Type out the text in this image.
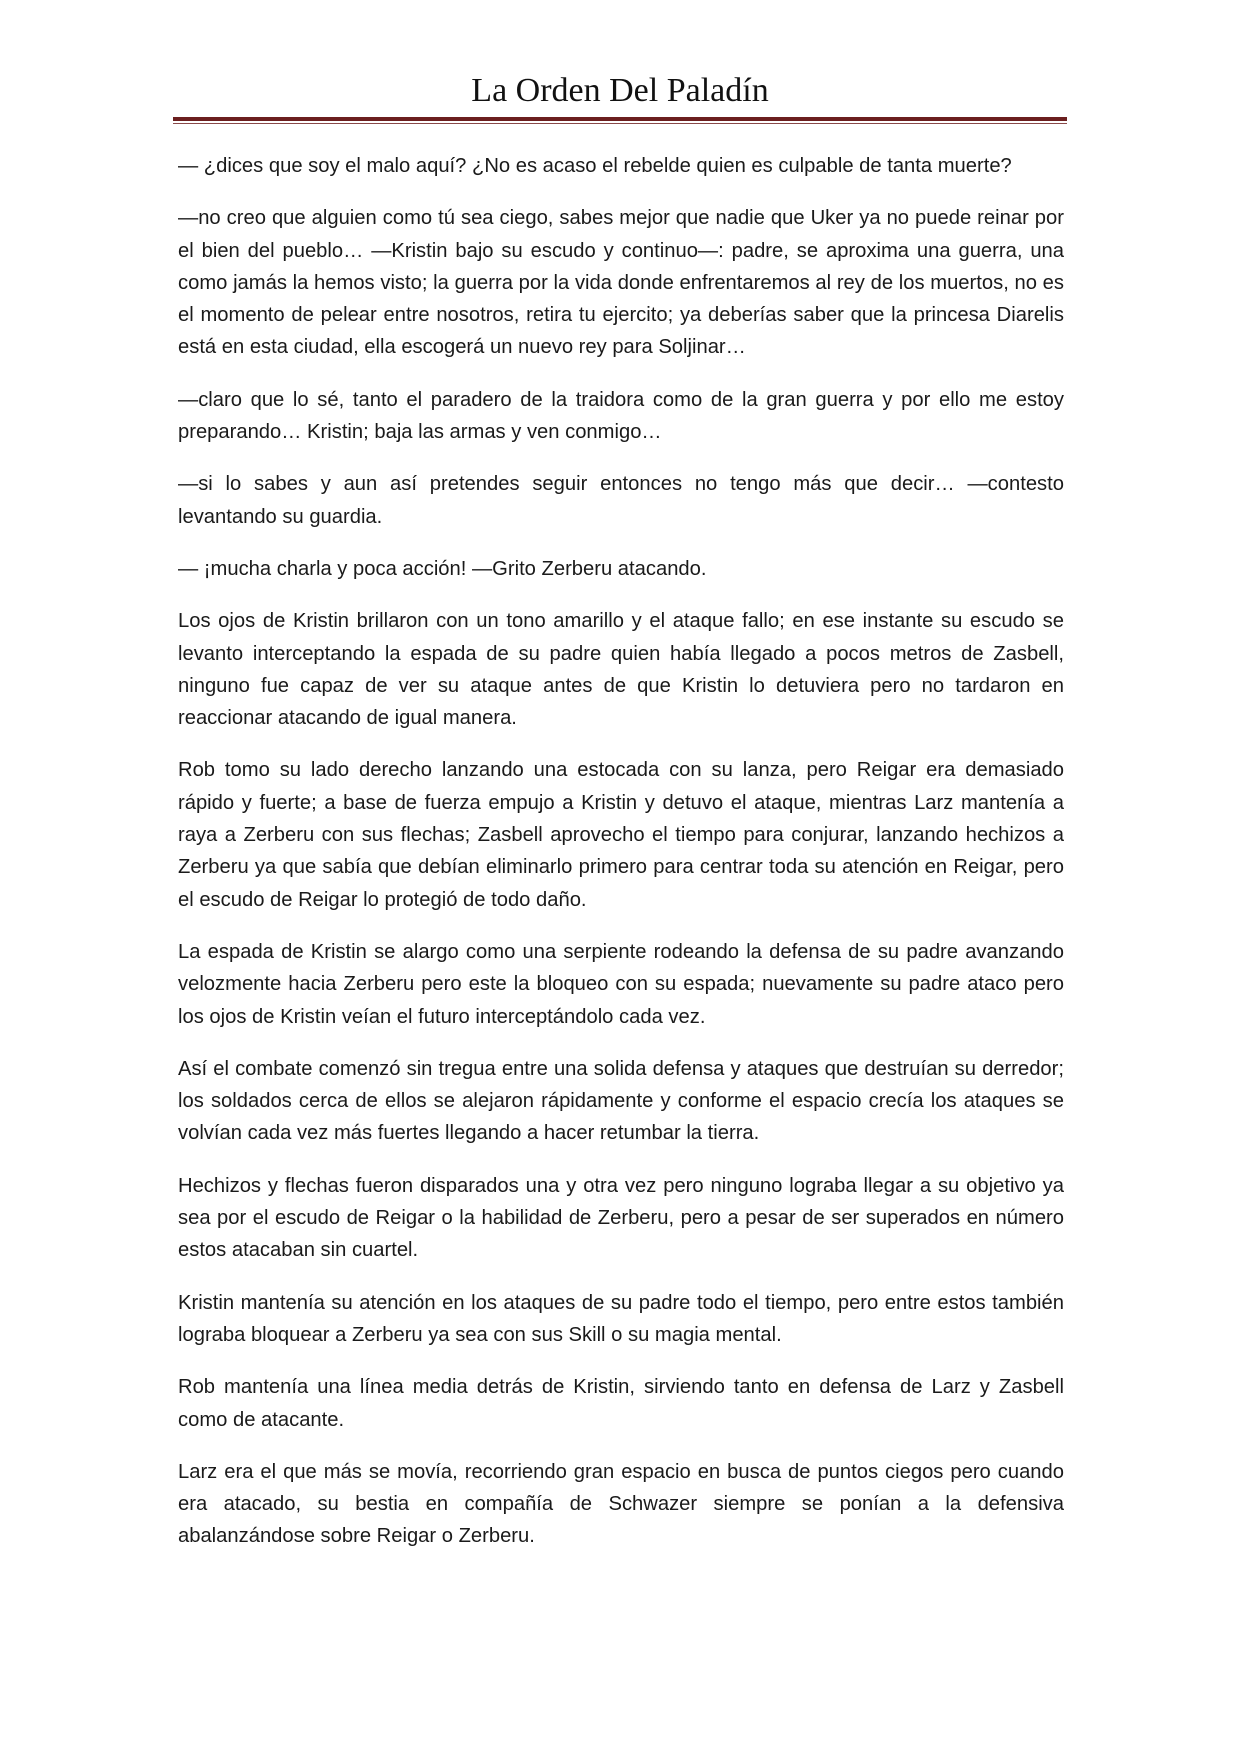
La Orden Del Paladín

— ¿dices que soy el malo aquí? ¿No es acaso el rebelde quien es culpable de tanta muerte?

—no creo que alguien como tú sea ciego, sabes mejor que nadie que Uker ya no puede reinar por el bien del pueblo… —Kristin bajo su escudo y continuo—: padre, se aproxima una guerra, una como jamás la hemos visto; la guerra por la vida donde enfrentaremos al rey de los muertos, no es el momento de pelear entre nosotros, retira tu ejercito; ya deberías saber que la princesa Diarelis está en esta ciudad, ella escogerá un nuevo rey para Soljinar…

—claro que lo sé, tanto el paradero de la traidora como de la gran guerra y por ello me estoy preparando… Kristin; baja las armas y ven conmigo…

—si lo sabes y aun así pretendes seguir entonces no tengo más que decir… —contesto levantando su guardia.

— ¡mucha charla y poca acción! —Grito Zerberu atacando.

Los ojos de Kristin brillaron con un tono amarillo y el ataque fallo; en ese instante su escudo se levanto interceptando la espada de su padre quien había llegado a pocos metros de Zasbell, ninguno fue capaz de ver su ataque antes de que Kristin lo detuviera pero no tardaron en reaccionar atacando de igual manera.

Rob tomo su lado derecho lanzando una estocada con su lanza, pero Reigar era demasiado rápido y fuerte; a base de fuerza empujo a Kristin y detuvo el ataque, mientras Larz mantenía a raya a Zerberu con sus flechas; Zasbell aprovecho el tiempo para conjurar, lanzando hechizos a Zerberu ya que sabía que debían eliminarlo primero para centrar toda su atención en Reigar, pero el escudo de Reigar lo protegió de todo daño.

La espada de Kristin se alargo como una serpiente rodeando la defensa de su padre avanzando velozmente hacia Zerberu pero este la bloqueo con su espada; nuevamente su padre ataco pero los ojos de Kristin veían el futuro interceptándolo cada vez.

Así el combate comenzó sin tregua entre una solida defensa y ataques que destruían su derredor; los soldados cerca de ellos se alejaron rápidamente y conforme el espacio crecía los ataques se volvían cada vez más fuertes llegando a hacer retumbar la tierra.

Hechizos y flechas fueron disparados una y otra vez pero ninguno lograba llegar a su objetivo ya sea por el escudo de Reigar o la habilidad de Zerberu, pero a pesar de ser superados en número estos atacaban sin cuartel.

Kristin mantenía su atención en los ataques de su padre todo el tiempo, pero entre estos también lograba bloquear a Zerberu ya sea con sus Skill o su magia mental.

Rob mantenía una línea media detrás de Kristin, sirviendo tanto en defensa de Larz y Zasbell como de atacante.

Larz era el que más se movía, recorriendo gran espacio en busca de puntos ciegos pero cuando era atacado, su bestia en compañía de Schwazer siempre se ponían a la defensiva abalanzándose sobre Reigar o Zerberu.
